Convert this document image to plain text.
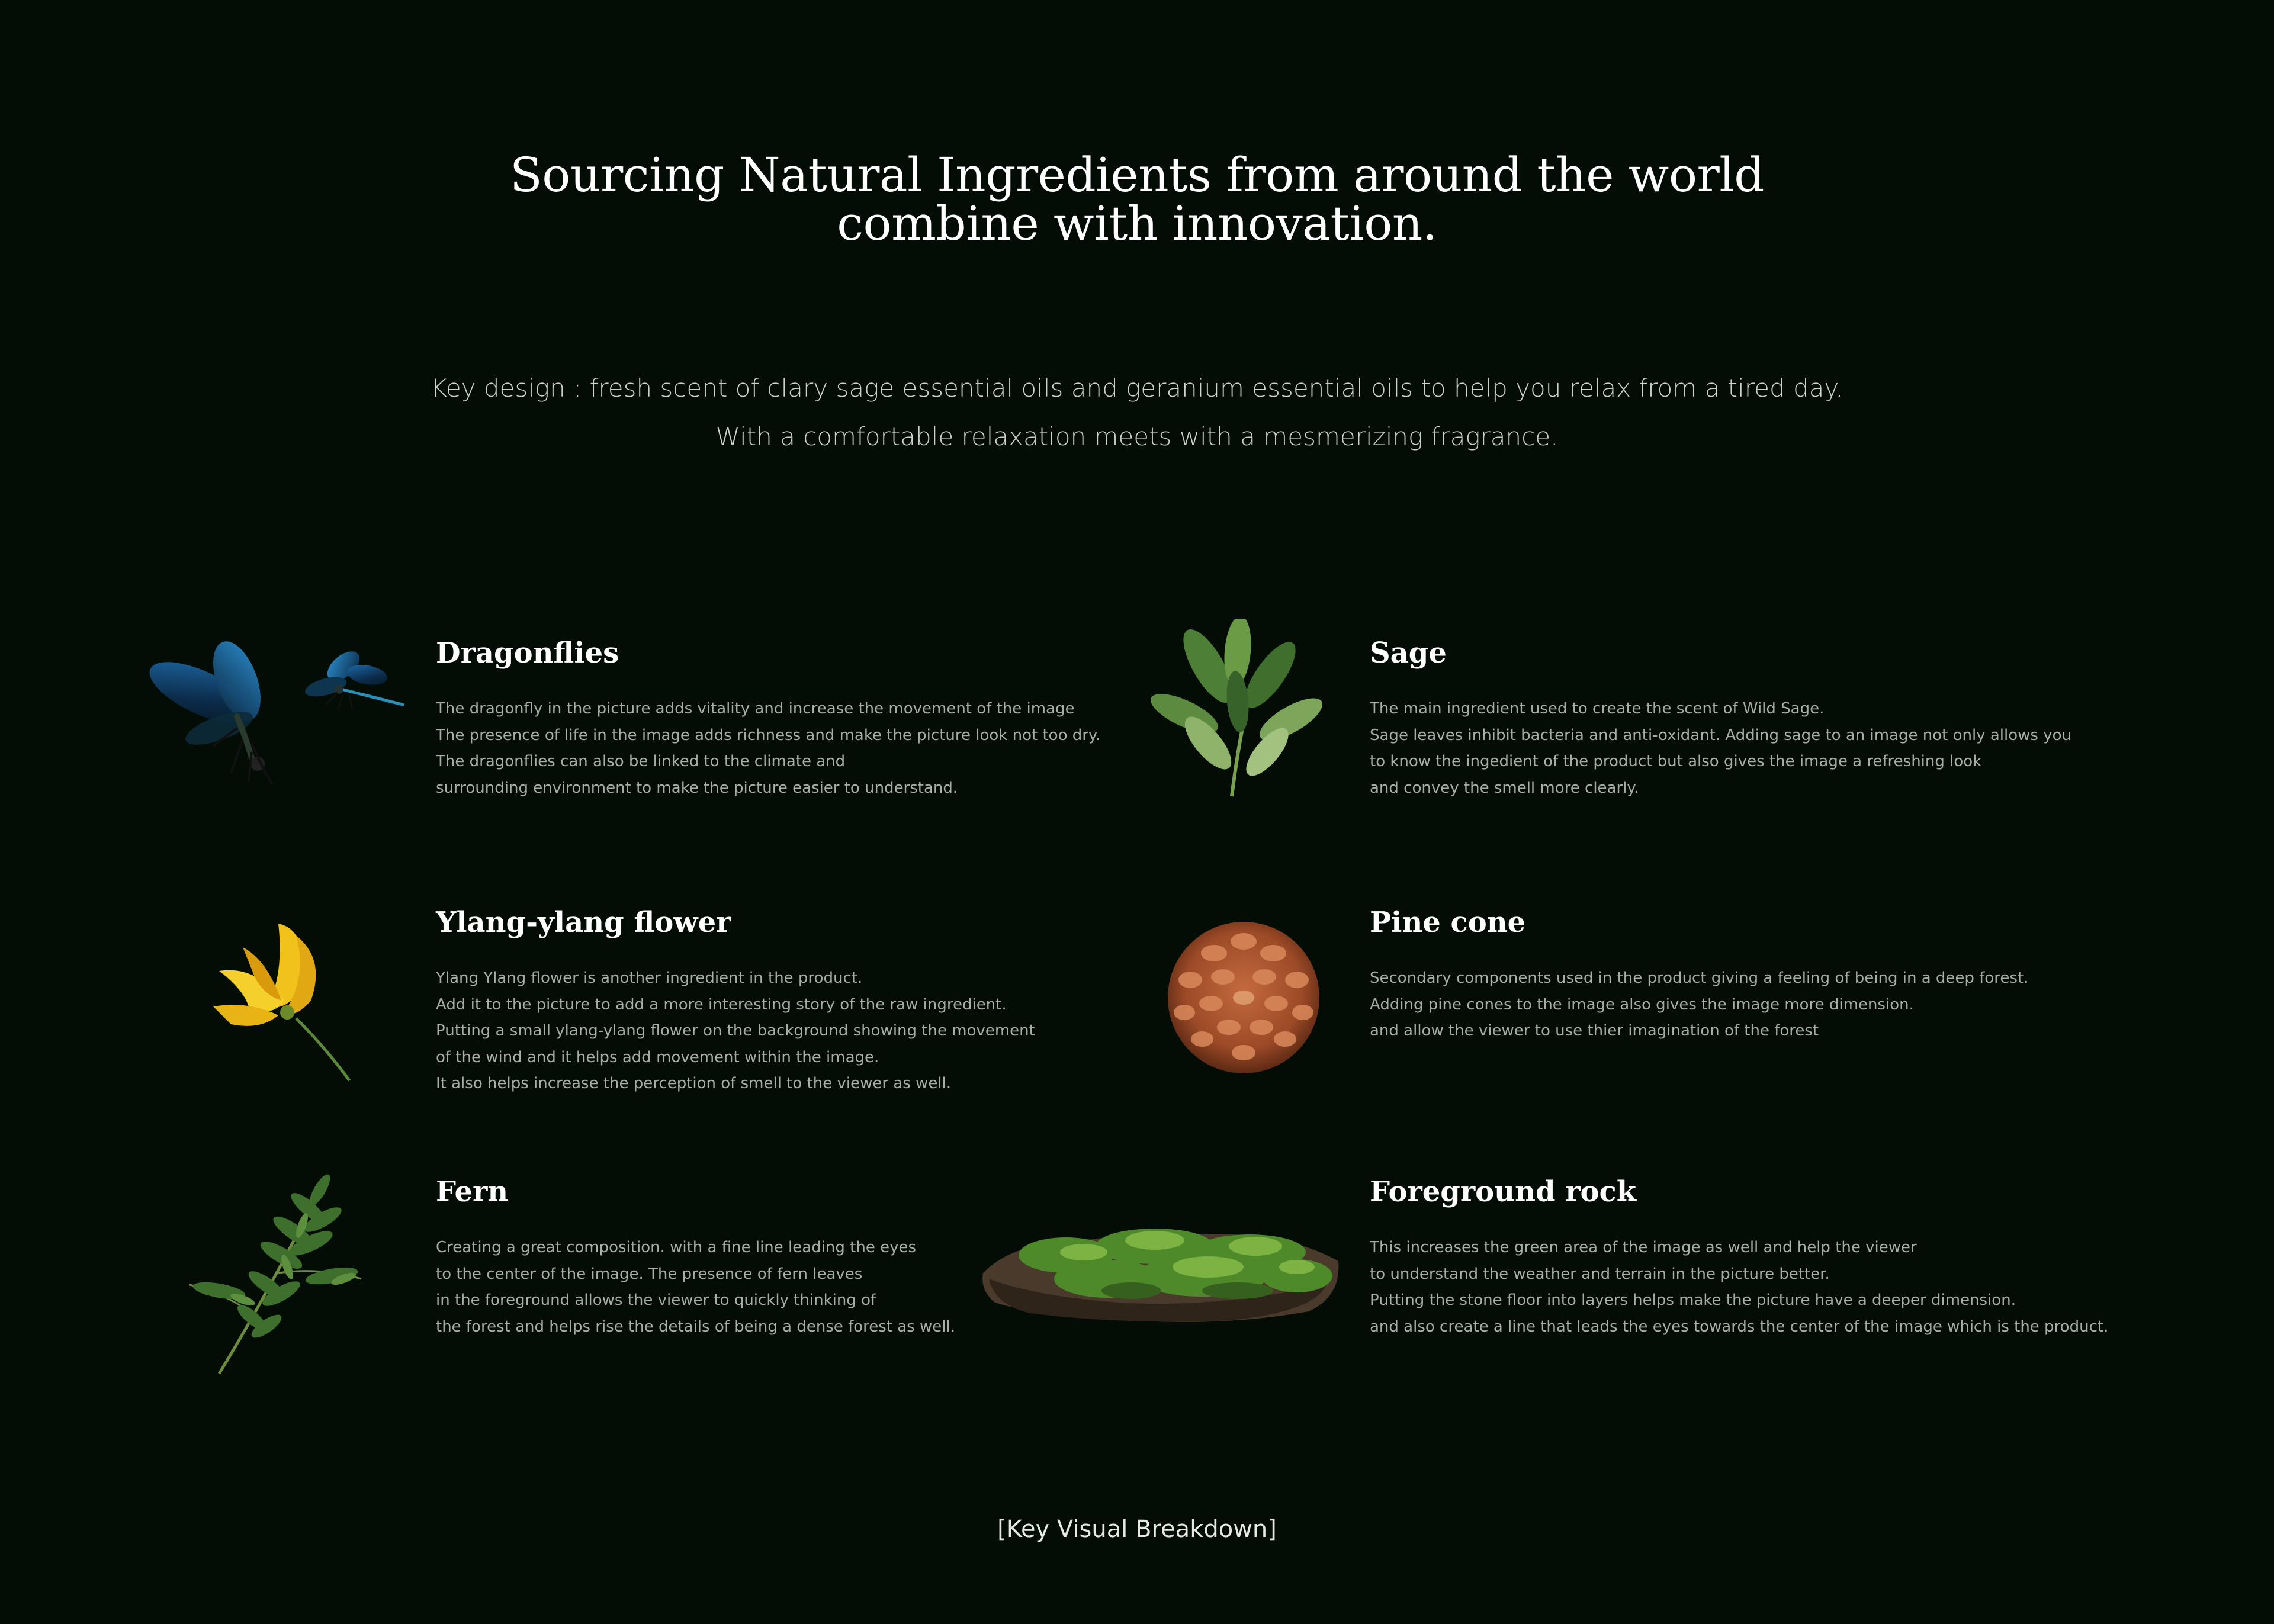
Sourcing Natural Ingredients from around the world
combine with innovation.
Key design : fresh scent of clary sage essential oils and geranium essential oils to help you relax from a tired day.
With a comfortable relaxation meets with a mesmerizing fragrance.
Dragonflies
The dragonfly in the picture adds vitality and increase the movement of the image
The presence of life in the image adds richness and make the picture look not too dry.
The dragonflies can also be linked to the climate and
surrounding environment to make the picture easier to understand.
Sage
The main ingredient used to create the scent of Wild Sage.
Sage leaves inhibit bacteria and anti-oxidant. Adding sage to an image not only allows you
to know the ingedient of the product but also gives the image a refreshing look
and convey the smell more clearly.
Ylang-ylang flower
Ylang Ylang flower is another ingredient in the product.
Add it to the picture to add a more interesting story of the raw ingredient.
Putting a small ylang-ylang flower on the background showing the movement
of the wind and it helps add movement within the image.
It also helps increase the perception of smell to the viewer as well.
Pine cone
Secondary components used in the product giving a feeling of being in a deep forest.
Adding pine cones to the image also gives the image more dimension.
and allow the viewer to use thier imagination of the forest
Fern
Creating a great composition. with a fine line leading the eyes
to the center of the image. The presence of fern leaves
in the foreground allows the viewer to quickly thinking of
the forest and helps rise the details of being a dense forest as well.
Foreground rock
This increases the green area of the image as well and help the viewer
to understand the weather and terrain in the picture better.
Putting the stone floor into layers helps make the picture have a deeper dimension.
and also create a line that leads the eyes towards the center of the image which is the product.
[Key Visual Breakdown]
